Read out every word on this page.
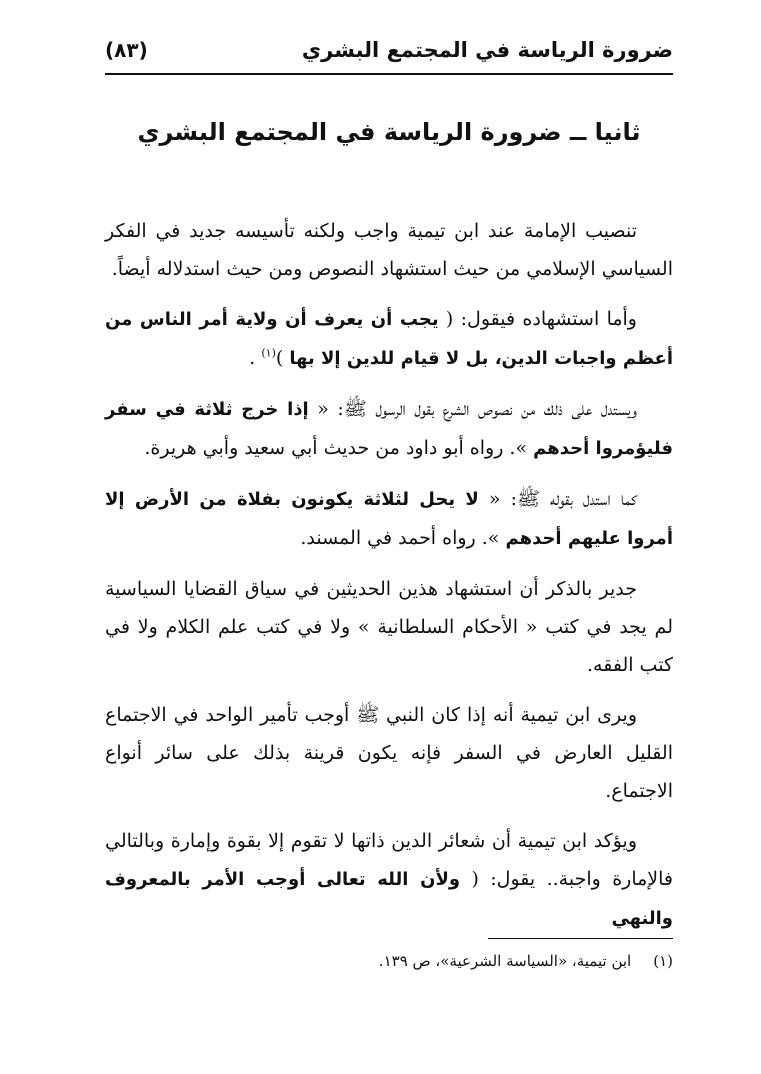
ضرورة الرياسة في المجتمع البشري
(٨٣)
ثانيا ــ ضرورة الرياسة في المجتمع البشري

تنصيب الإمامة عند ابن تيمية واجب ولكنه تأسيسه جديد في الفكر السياسي الإسلامي من حيث استشهاد النصوص ومن حيث استدلاله أيضاً.

وأما استشهاده فيقول: ( يجب أن يعرف أن ولاية أمر الناس من أعظم واجبات الدين، بل لا قيام للدين إلا بها )$^{(١)}$ .

ويستدل على ذلك من نصوص الشرع بقول الرسول ﷺ: « إذا خرج ثلاثة في سفر فليؤمروا أحدهم ». رواه أبو داود من حديث أبي سعيد وأبي هريرة.

كما استدل بقوله ﷺ: « لا يحل لثلاثة يكونون بفلاة من الأرض إلا أمروا عليهم أحدهم ». رواه أحمد في المسند.

جدير بالذكر أن استشهاد هذين الحديثين في سياق القضايا السياسية لم يجد في كتب « الأحكام السلطانية » ولا في كتب علم الكلام ولا في كتب الفقه.

ويرى ابن تيمية أنه إذا كان النبي ﷺ أوجب تأمير الواحد في الاجتماع القليل العارض في السفر فإنه يكون قرينة بذلك على سائر أنواع الاجتماع.

ويؤكد ابن تيمية أن شعائر الدين ذاتها لا تقوم إلا بقوة وإمارة وبالتالي فالإمارة واجبة.. يقول: ( ولأن الله تعالى أوجب الأمر بالمعروف والنهي

(١)
ابن تيمية، «السياسة الشرعية»، ص ١٣٩.
